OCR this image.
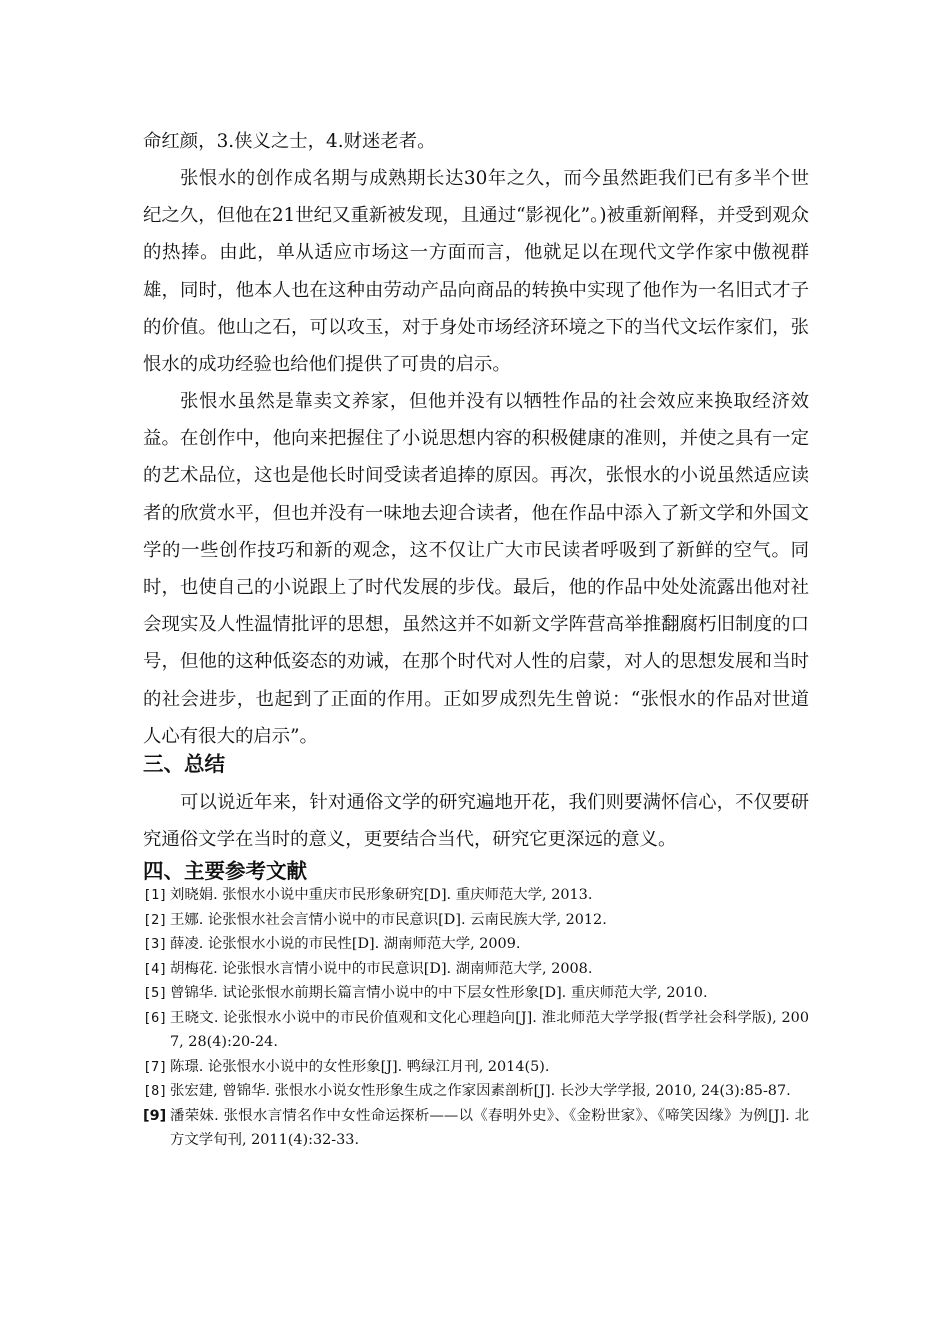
命红颜，3.侠义之士，4.财迷老者。

张恨水的创作成名期与成熟期长达30年之久，而今虽然距我们已有多半个世纪之久，但他在21世纪又重新被发现，且通过“影视化”。)被重新阐释，并受到观众的热捧。由此，单从适应市场这一方面而言，他就足以在现代文学作家中傲视群雄，同时，他本人也在这种由劳动产品向商品的转换中实现了他作为一名旧式才子的价值。他山之石，可以攻玉，对于身处市场经济环境之下的当代文坛作家们，张恨水的成功经验也给他们提供了可贵的启示。

张恨水虽然是靠卖文养家，但他并没有以牺牲作品的社会效应来换取经济效益。在创作中，他向来把握住了小说思想内容的积极健康的准则，并使之具有一定的艺术品位，这也是他长时间受读者追捧的原因。再次，张恨水的小说虽然适应读者的欣赏水平，但也并没有一味地去迎合读者，他在作品中添入了新文学和外国文学的一些创作技巧和新的观念，这不仅让广大市民读者呼吸到了新鲜的空气。同时，也使自己的小说跟上了时代发展的步伐。最后，他的作品中处处流露出他对社会现实及人性温情批评的思想，虽然这并不如新文学阵营高举推翻腐朽旧制度的口号，但他的这种低姿态的劝诫，在那个时代对人性的启蒙，对人的思想发展和当时的社会进步，也起到了正面的作用。正如罗成烈先生曾说：“张恨水的作品对世道人心有很大的启示”。

三、总结

可以说近年来，针对通俗文学的研究遍地开花，我们则要满怀信心，不仅要研究通俗文学在当时的意义，更要结合当代，研究它更深远的意义。

四、主要参考文献
[1] 刘晓娟. 张恨水小说中重庆市民形象研究[D]. 重庆师范大学, 2013.
[2] 王娜. 论张恨水社会言情小说中的市民意识[D]. 云南民族大学, 2012.
[3] 薛凌. 论张恨水小说的市民性[D]. 湖南师范大学, 2009.
[4] 胡梅花. 论张恨水言情小说中的市民意识[D]. 湖南师范大学, 2008.
[5] 曾锦华. 试论张恨水前期长篇言情小说中的中下层女性形象[D]. 重庆师范大学, 2010.
[6] 王晓文. 论张恨水小说中的市民价值观和文化心理趋向[J]. 淮北师范大学学报(哲学社会科学版), 2007, 28(4):20-24.
[7] 陈璟. 论张恨水小说中的女性形象[J]. 鸭绿江月刊, 2014(5).
[8] 张宏建, 曾锦华. 张恨水小说女性形象生成之作家因素剖析[J]. 长沙大学学报, 2010, 24(3):85-87.
[9] 潘荣妹. 张恨水言情名作中女性命运探析——以《春明外史》、《金粉世家》、《啼笑因缘》为例[J]. 北方文学旬刊, 2011(4):32-33.
